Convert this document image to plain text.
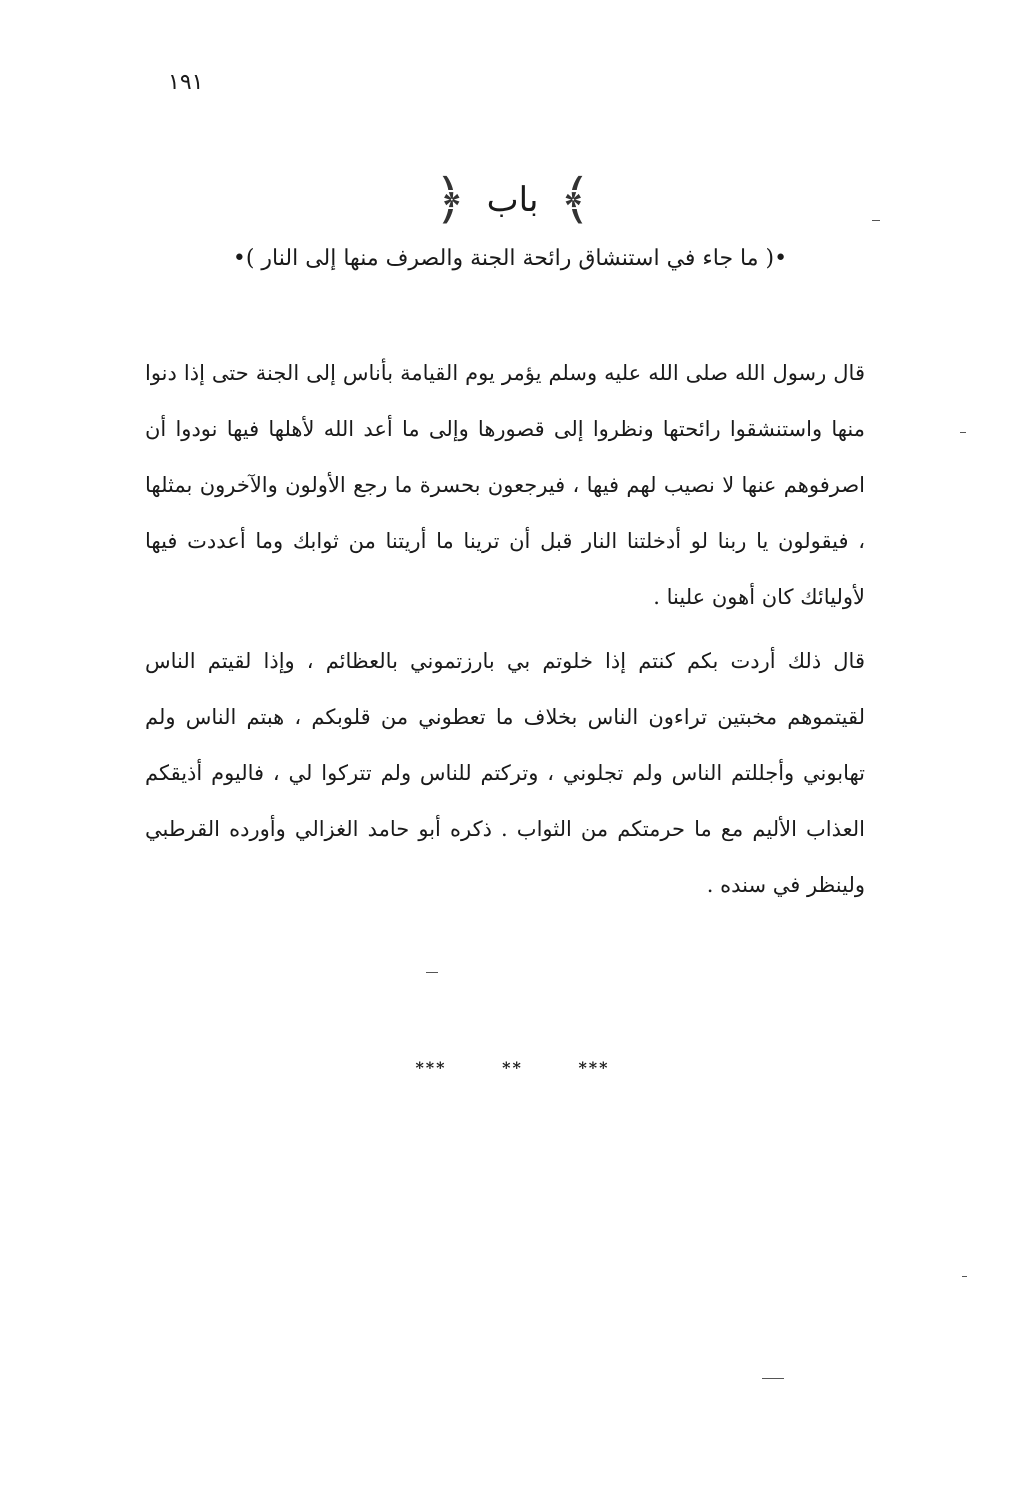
١٩١
﴾ باب ﴿
•( ما جاء في استنشاق رائحة الجنة والصرف منها إلى النار )•

قال رسول الله صلى الله عليه وسلم يؤمر يوم القيامة بأناس إلى الجنة حتى إذا دنوا منها واستنشقوا رائحتها ونظروا إلى قصورها وإلى ما أعد الله لأهلها فيها نودوا أن اصرفوهم عنها لا نصيب لهم فيها ، فيرجعون بحسرة ما رجع الأولون والآخرون بمثلها ، فيقولون يا ربنا لو أدخلتنا النار قبل أن ترينا ما أريتنا من ثوابك وما أعددت فيها لأوليائك كان أهون علينا .

قال ذلك أردت بكم كنتم إذا خلوتم بي بارزتموني بالعظائم ، وإذا لقيتم الناس لقيتموهم مخبتين تراءون الناس بخلاف ما تعطوني من قلوبكم ، هبتم الناس ولم تهابوني وأجللتم الناس ولم تجلوني ، وتركتم للناس ولم تتركوا لي ، فاليوم أذيقكم العذاب الأليم مع ما حرمتكم من الثواب . ذكره أبو حامد الغزالي وأورده القرطبي ولينظر في سنده .

***	**	***
